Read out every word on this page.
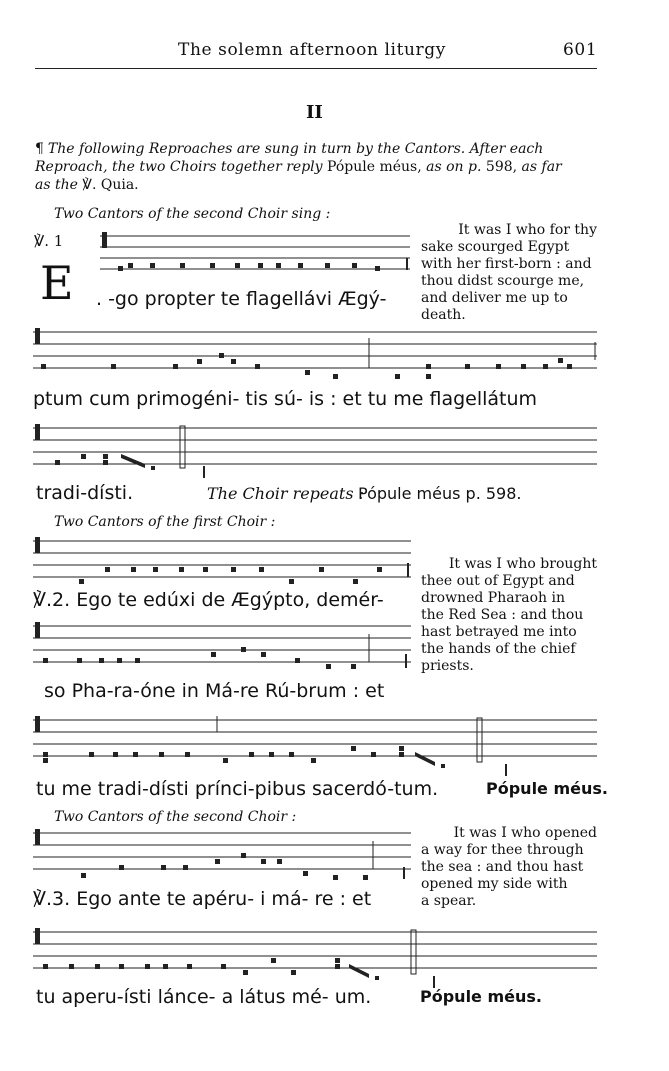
The solemn afternoon liturgy	601
II
¶ The following Reproaches are sung in turn by the Cantors. After each
Reproach, the two Choirs together reply Pópule méus, as on p. 598, as far
as the ℣. Quia.
Two Cantors of the second Choir sing :
℣. 1
E . -go propter te flagellávi Ægý-
It was I who for thy
sake scourged Egypt
with her first-born : and
thou didst scourge me,
and deliver me up to
death.
ptum cum primogéni- tis sú- is : et tu me flagellátum
tradi-dísti.	The Choir repeats :
Pópule méus p. 598.
Two Cantors of the first Choir :
℣.2. Ego te edúxi de Ægýpto, demér-
so Pha-ra-óne in Má-re Rú-brum : et
It was I who brought
thee out of Egypt and
drowned Pharaoh in
the Red Sea : and thou
hast betrayed me into
the hands of the chief
priests.
tu me tradi-dísti prínci-pibus sacerdó-tum.	Pópule méus.
Two Cantors of the second Choir :
℣.3. Ego ante te apéru- i má- re : et
It was I who opened
a way for thee through
the sea : and thou hast
opened my side with
a spear.
tu aperu-ísti lánce- a látus mé- um.	Pópule méus.
